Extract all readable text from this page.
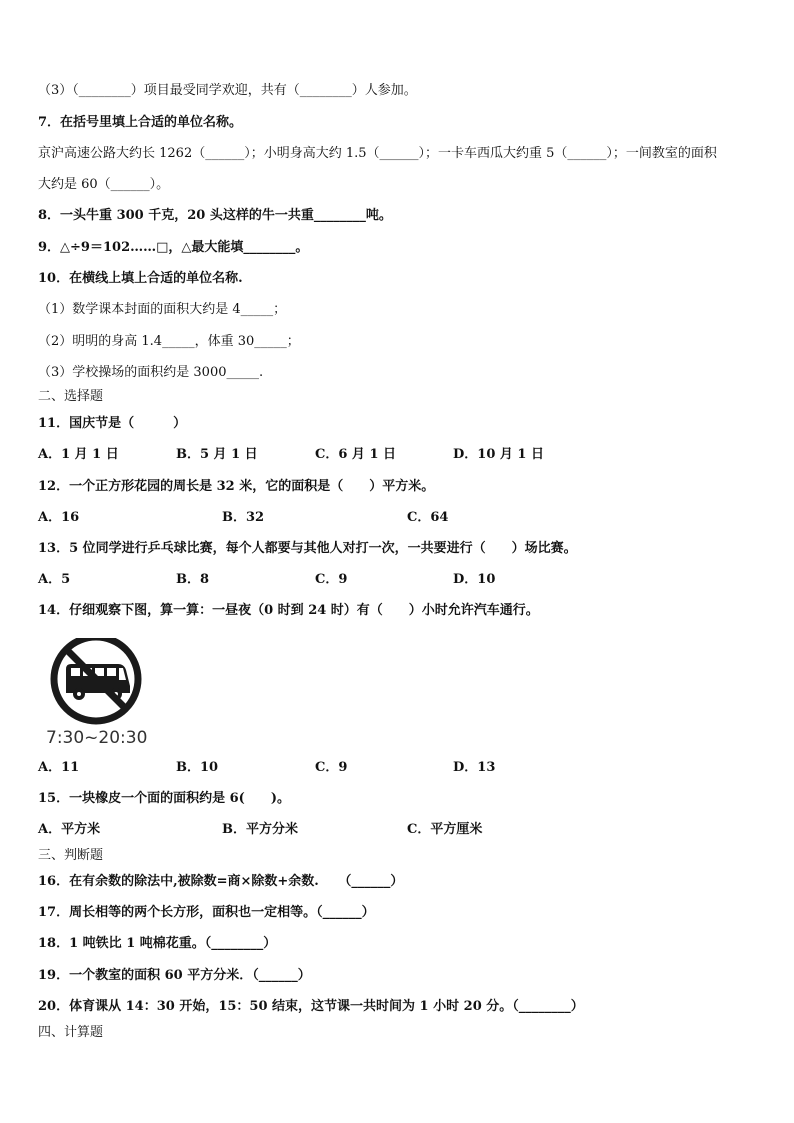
（3）（________）项目最受同学欢迎，共有（________）人参加。
7．在括号里填上合适的单位名称。
京沪高速公路大约长 1262（______）；小明身高大约 1.5（______）；一卡车西瓜大约重 5（______）；一间教室的面积
大约是 60（______）。
8．一头牛重 300 千克，20 头这样的牛一共重________吨。
9．△÷9＝102……□，△最大能填________。
10．在横线上填上合适的单位名称.
（1）数学课本封面的面积大约是 4_____；
（2）明明的身高 1.4_____，体重 30_____；
（3）学校操场的面积约是 3000_____.
二、选择题
11．国庆节是（　　　）
A．1 月 1 日	B．5 月 1 日	C．6 月 1 日	D．10 月 1 日
12．一个正方形花园的周长是 32 米，它的面积是（　　）平方米。
A．16	B．32	C．64
13．5 位同学进行乒乓球比赛，每个人都要与其他人对打一次，一共要进行（　　）场比赛。
A．5	B．8	C．9	D．10
14．仔细观察下图，算一算：一昼夜（0 时到 24 时）有（　　）小时允许汽车通行。
7:30~20:30
A．11	B．10	C．9	D．13
15．一块橡皮一个面的面积约是 6(　　)。
A．平方米	B．平方分米	C．平方厘米
三、判断题
16．在有余数的除法中,被除数=商×除数+余数.　　（______）
17．周长相等的两个长方形，面积也一定相等。（______）
18．1 吨铁比 1 吨棉花重。（________）
19．一个教室的面积 60 平方分米．（______）
20．体育课从 14：30 开始，15：50 结束，这节课一共时间为 1 小时 20 分。（________）
四、计算题
